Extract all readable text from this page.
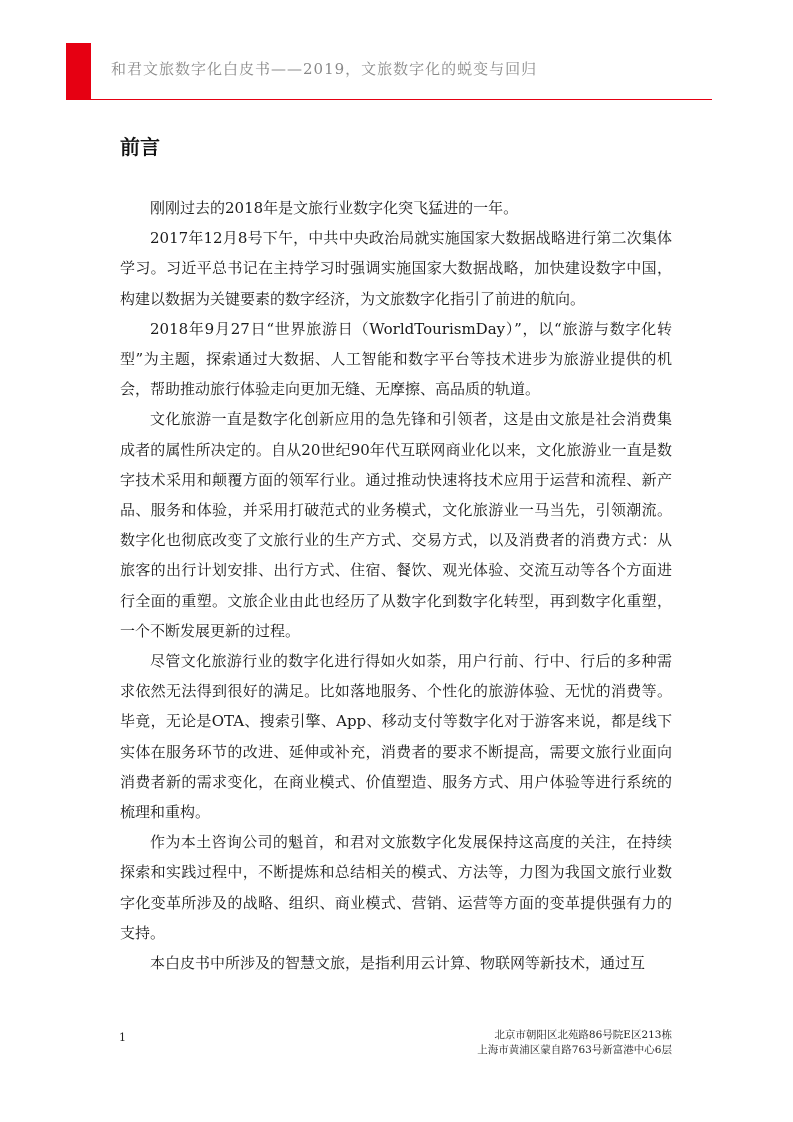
和君文旅数字化白皮书——2019，文旅数字化的蜕变与回归
前言

刚刚过去的2018年是文旅行业数字化突飞猛进的一年。

2017年12月8号下午，中共中央政治局就实施国家大数据战略进行第二次集体学习。习近平总书记在主持学习时强调实施国家大数据战略，加快建设数字中国，构建以数据为关键要素的数字经济，为文旅数字化指引了前进的航向。

2018年9月27日“世界旅游日（WorldTourismDay）”，以“旅游与数字化转型”为主题，探索通过大数据、人工智能和数字平台等技术进步为旅游业提供的机会，帮助推动旅行体验走向更加无缝、无摩擦、高品质的轨道。

文化旅游一直是数字化创新应用的急先锋和引领者，这是由文旅是社会消费集成者的属性所决定的。自从20世纪90年代互联网商业化以来，文化旅游业一直是数字技术采用和颠覆方面的领军行业。通过推动快速将技术应用于运营和流程、新产品、服务和体验，并采用打破范式的业务模式，文化旅游业一马当先，引领潮流。数字化也彻底改变了文旅行业的生产方式、交易方式，以及消费者的消费方式：从旅客的出行计划安排、出行方式、住宿、餐饮、观光体验、交流互动等各个方面进行全面的重塑。文旅企业由此也经历了从数字化到数字化转型，再到数字化重塑，一个不断发展更新的过程。

尽管文化旅游行业的数字化进行得如火如荼，用户行前、行中、行后的多种需求依然无法得到很好的满足。比如落地服务、个性化的旅游体验、无忧的消费等。毕竟，无论是OTA、搜索引擎、App、移动支付等数字化对于游客来说，都是线下实体在服务环节的改进、延伸或补充，消费者的要求不断提高，需要文旅行业面向消费者新的需求变化，在商业模式、价值塑造、服务方式、用户体验等进行系统的梳理和重构。

作为本土咨询公司的魁首，和君对文旅数字化发展保持这高度的关注，在持续探索和实践过程中，不断提炼和总结相关的模式、方法等，力图为我国文旅行业数字化变革所涉及的战略、组织、商业模式、营销、运营等方面的变革提供强有力的支持。

本白皮书中所涉及的智慧文旅，是指利用云计算、物联网等新技术，通过互

1	北京市朝阳区北苑路86号院E区213栋
上海市黄浦区蒙自路763号新富港中心6层
